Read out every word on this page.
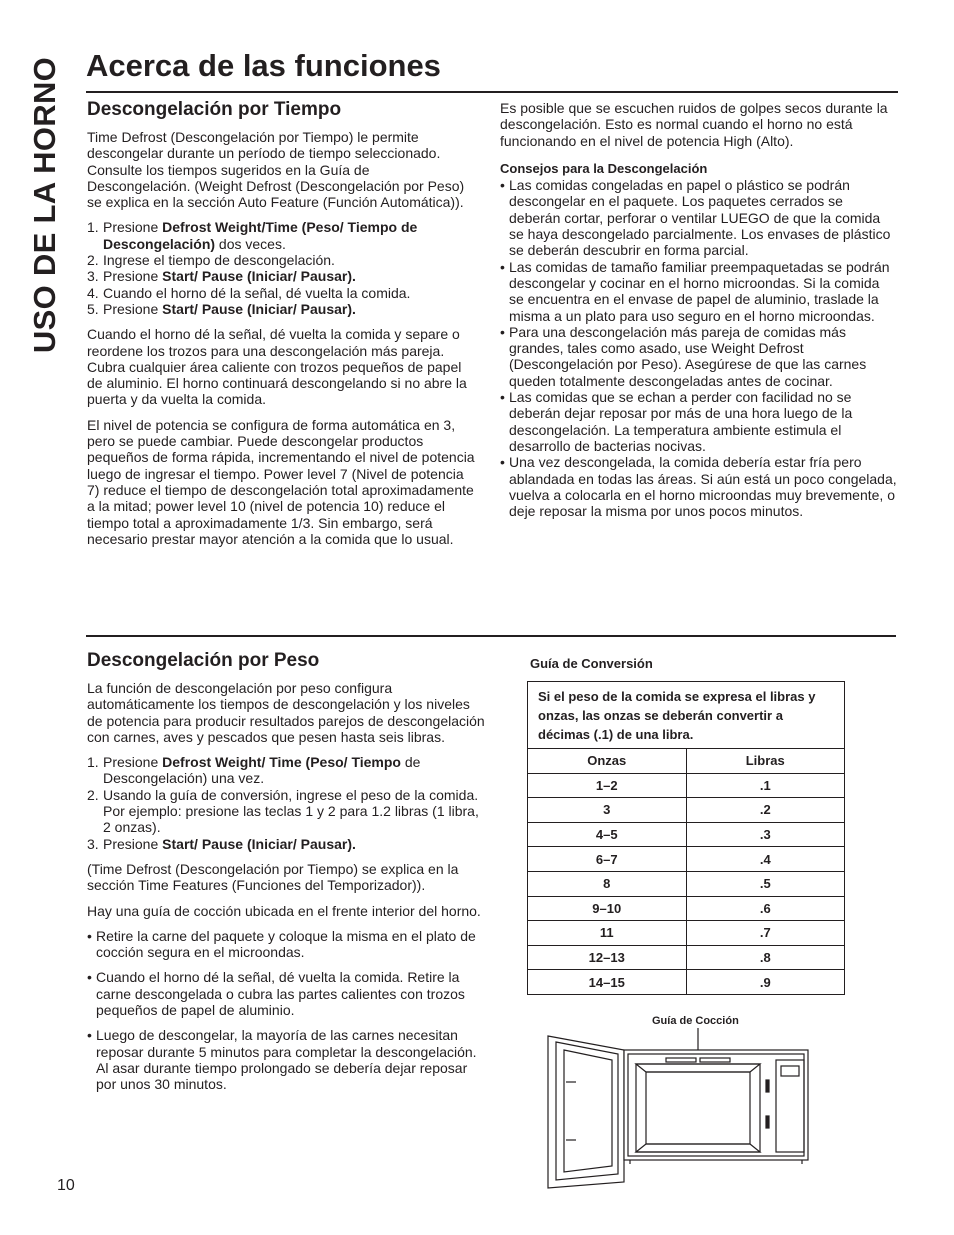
USO DE LA HORNO Acerca de las funciones
Descongelación por Tiempo

Time Defrost (Descongelación por Tiempo) le permite descongelar durante un período de tiempo seleccionado. Consulte los tiempos sugeridos en la Guía de Descongelación. (Weight Defrost (Descongelación por Peso) se explica en la sección Auto Feature (Función Automática)).

1. Presione Defrost Weight/Time (Peso/ Tiempo de Descongelación) dos veces.
2. Ingrese el tiempo de descongelación.
3. Presione Start/ Pause (Iniciar/ Pausar).
4. Cuando el horno dé la señal, dé vuelta la comida.
5. Presione Start/ Pause (Iniciar/ Pausar).

Cuando el horno dé la señal, dé vuelta la comida y separe o reordene los trozos para una descongelación más pareja. Cubra cualquier área caliente con trozos pequeños de papel de aluminio. El horno continuará descongelando si no abre la puerta y da vuelta la comida.

El nivel de potencia se configura de forma automática en 3, pero se puede cambiar. Puede descongelar productos pequeños de forma rápida, incrementando el nivel de potencia luego de ingresar el tiempo. Power level 7 (Nivel de potencia 7) reduce el tiempo de descongelación total aproximadamente a la mitad; power level 10 (nivel de potencia 10) reduce el tiempo total a aproximadamente 1/3. Sin embargo, será necesario prestar mayor atención a la comida que lo usual.

Es posible que se escuchen ruidos de golpes secos durante la descongelación. Esto es normal cuando el horno no está funcionando en el nivel de potencia High (Alto).

Consejos para la Descongelación
• Las comidas congeladas en papel o plástico se podrán descongelar en el paquete. Los paquetes cerrados se deberán cortar, perforar o ventilar LUEGO de que la comida se haya descongelado parcialmente. Los envases de plástico se deberán descubrir en forma parcial.
• Las comidas de tamaño familiar preempaquetadas se podrán descongelar y cocinar en el horno microondas. Si la comida se encuentra en el envase de papel de aluminio, traslade la misma a un plato para uso seguro en el horno microondas.
• Para una descongelación más pareja de comidas más grandes, tales como asado, use Weight Defrost (Descongelación por Peso). Asegúrese de que las carnes queden totalmente descongeladas antes de cocinar.
• Las comidas que se echan a perder con facilidad no se deberán dejar reposar por más de una hora luego de la descongelación. La temperatura ambiente estimula el desarrollo de bacterias nocivas.
• Una vez descongelada, la comida debería estar fría pero ablandada en todas las áreas. Si aún está un poco congelada, vuelva a colocarla en el horno microondas muy brevemente, o deje reposar la misma por unos pocos minutos.
Descongelación por Peso

La función de descongelación por peso configura automáticamente los tiempos de descongelación y los niveles de potencia para producir resultados parejos de descongelación con carnes, aves y pescados que pesen hasta seis libras.

1. Presione Defrost Weight/ Time (Peso/ Tiempo de Descongelación) una vez.
2. Usando la guía de conversión, ingrese el peso de la comida. Por ejemplo: presione las teclas 1 y 2 para 1.2 libras (1 libra, 2 onzas).
3. Presione Start/ Pause (Iniciar/ Pausar).

(Time Defrost (Descongelación por Tiempo) se explica en la sección Time Features (Funciones del Temporizador)).

Hay una guía de cocción ubicada en el frente interior del horno.

• Retire la carne del paquete y coloque la misma en el plato de cocción segura en el microondas.
• Cuando el horno dé la señal, dé vuelta la comida. Retire la carne descongelada o cubra las partes calientes con trozos pequeños de papel de aluminio.
• Luego de descongelar, la mayoría de las carnes necesitan reposar durante 5 minutos para completar la descongelación. Al asar durante tiempo prolongado se debería dejar reposar por unos 30 minutos.
Guía de Conversión
Si el peso de la comida se expresa el libras y onzas, las onzas se deberán convertir a décimas (.1) de una libra.	
Onzas	Libras
1–2	.1
3	.2
4–5	.3
6–7	.4
8	.5
9–10	.6
11	.7
12–13	.8
14–15	.9
Guía de Cocción
10
